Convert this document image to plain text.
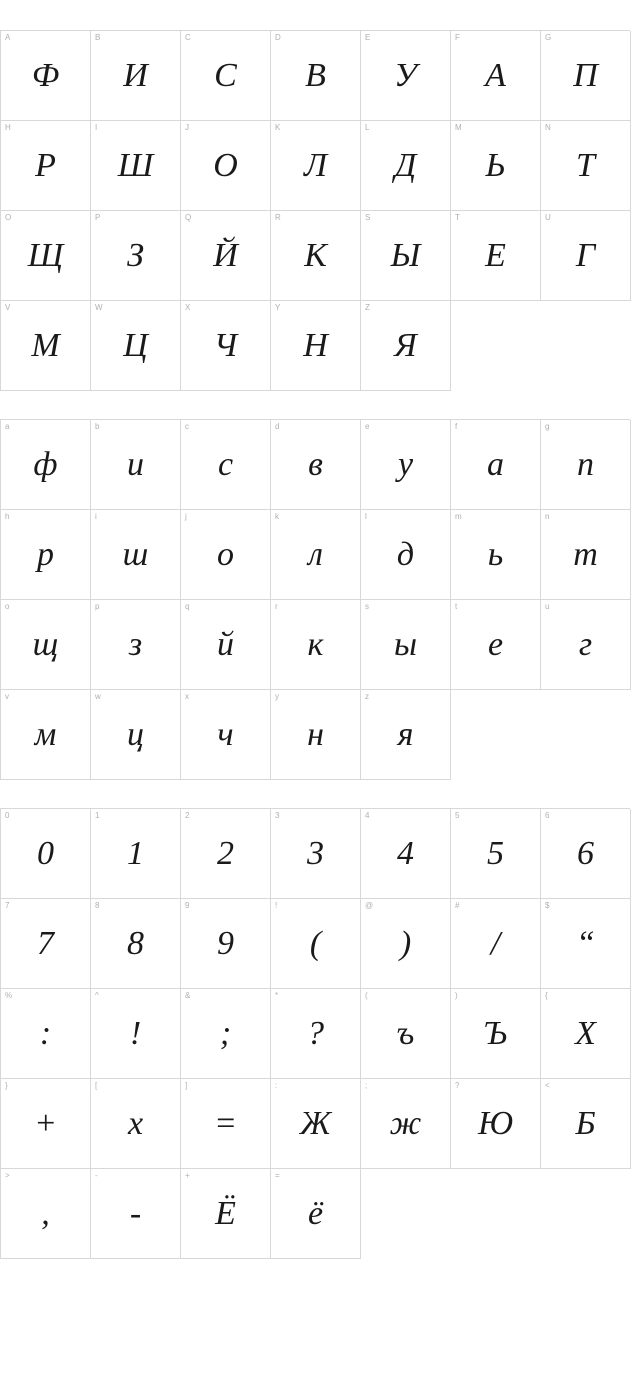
A
Ф
B
И
C
С
D
В
E
У
F
А
G
П
H
Р
I
Ш
J
О
K
Л
L
Д
M
Ь
N
Т
O
Щ
P
З
Q
Й
R
К
S
Ы
T
Е
U
Г
V
М
W
Ц
X
Ч
Y
Н
Z
Я
a
ф
b
и
c
с
d
в
e
у
f
а
g
п
h
р
i
ш
j
о
k
л
l
д
m
ь
n
т
o
щ
p
з
q
й
r
к
s
ы
t
е
u
г
v
м
w
ц
x
ч
y
н
z
я
0
0
1
1
2
2
3
3
4
4
5
5
6
6
7
7
8
8
9
9
!
(
@
)
#
/
$
“
%
:
^
!
&
;
*
?
(
ъ
)
Ъ
{
Х
}
+
[
х
]
=
:
Ж
;
ж
?
Ю
<
Б
>
,
-
-
+
Ё
=
ё
